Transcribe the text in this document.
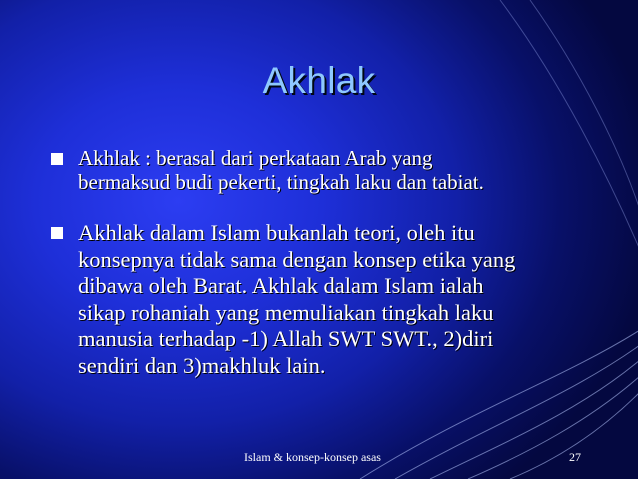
Akhlak
Akhlak : berasal dari perkataan Arab yang
bermaksud budi pekerti, tingkah laku dan tabiat.
Akhlak dalam Islam bukanlah teori, oleh itu
konsepnya tidak sama dengan konsep etika yang
dibawa oleh Barat. Akhlak dalam Islam ialah
sikap rohaniah yang memuliakan tingkah laku
manusia terhadap -1) Allah SWT SWT., 2)diri
sendiri dan 3)makhluk lain.
Islam & konsep-konsep asas	27
